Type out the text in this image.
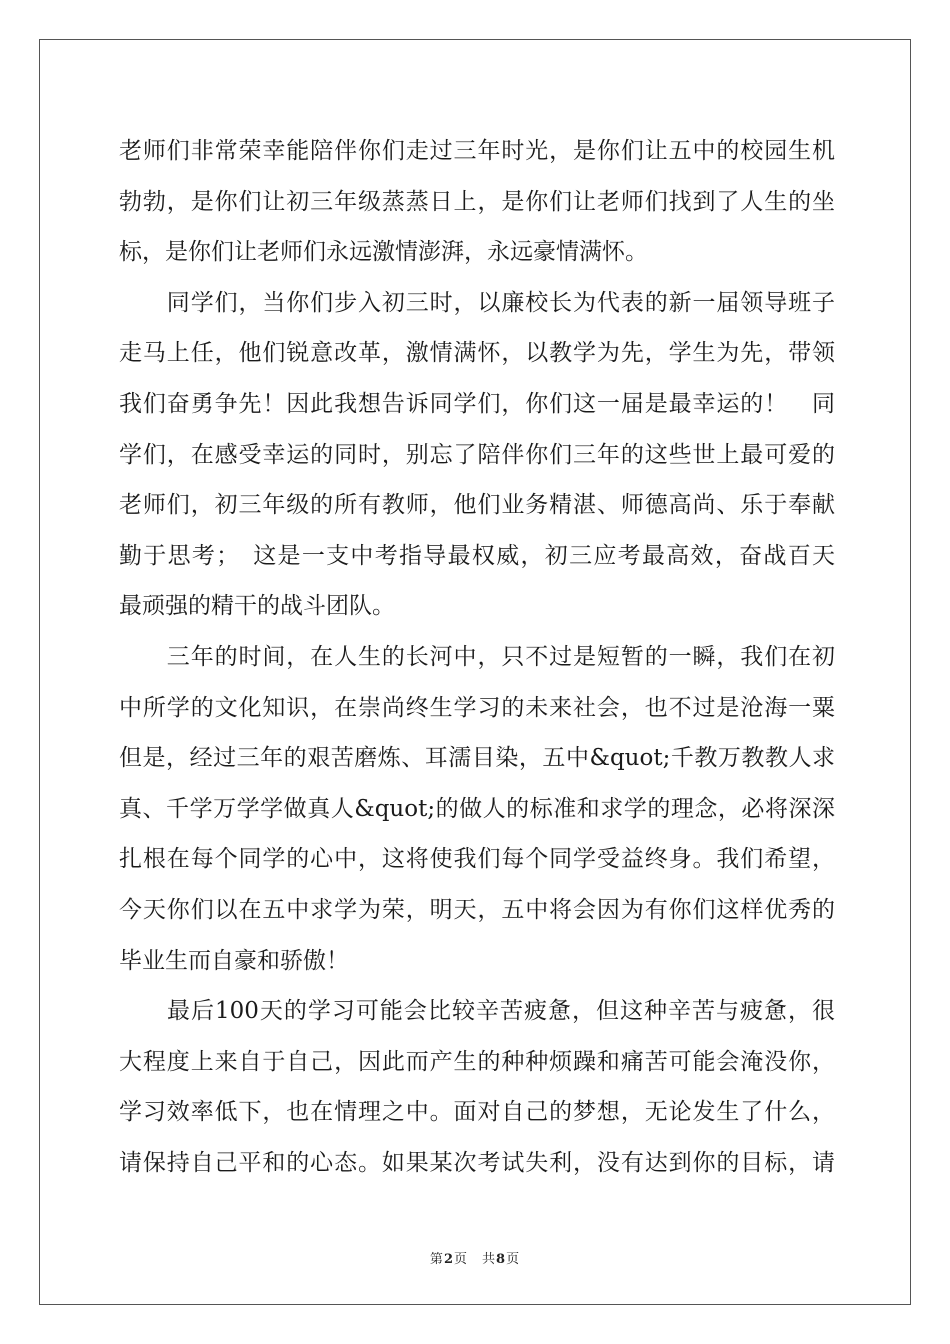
老师们非常荣幸能陪伴你们走过三年时光，是你们让五中的校园生机
勃勃，是你们让初三年级蒸蒸日上，是你们让老师们找到了人生的坐
标，是你们让老师们永远激情澎湃，永远豪情满怀。
　　同学们，当你们步入初三时，以廉校长为代表的新一届领导班子
走马上任，他们锐意改革，激情满怀，以教学为先，学生为先，带领
我们奋勇争先！因此我想告诉同学们，你们这一届是最幸运的！　同
学们，在感受幸运的同时，别忘了陪伴你们三年的这些世上最可爱的
老师们，初三年级的所有教师，他们业务精湛、师德高尚、乐于奉献
勤于思考；　这是一支中考指导最权威，初三应考最高效，奋战百天
最顽强的精干的战斗团队。
　　三年的时间，在人生的长河中，只不过是短暂的一瞬，我们在初
中所学的文化知识，在崇尚终生学习的未来社会，也不过是沧海一粟
但是，经过三年的艰苦磨炼、耳濡目染，五中&quot;千教万教教人求
真、千学万学学做真人&quot;的做人的标准和求学的理念，必将深深
扎根在每个同学的心中，这将使我们每个同学受益终身。我们希望，
今天你们以在五中求学为荣，明天，五中将会因为有你们这样优秀的
毕业生而自豪和骄傲！
　　最后100天的学习可能会比较辛苦疲惫，但这种辛苦与疲惫，很
大程度上来自于自己，因此而产生的种种烦躁和痛苦可能会淹没你，
学习效率低下，也在情理之中。面对自己的梦想，无论发生了什么，
请保持自己平和的心态。如果某次考试失利，没有达到你的目标，请
第2页 共8页
